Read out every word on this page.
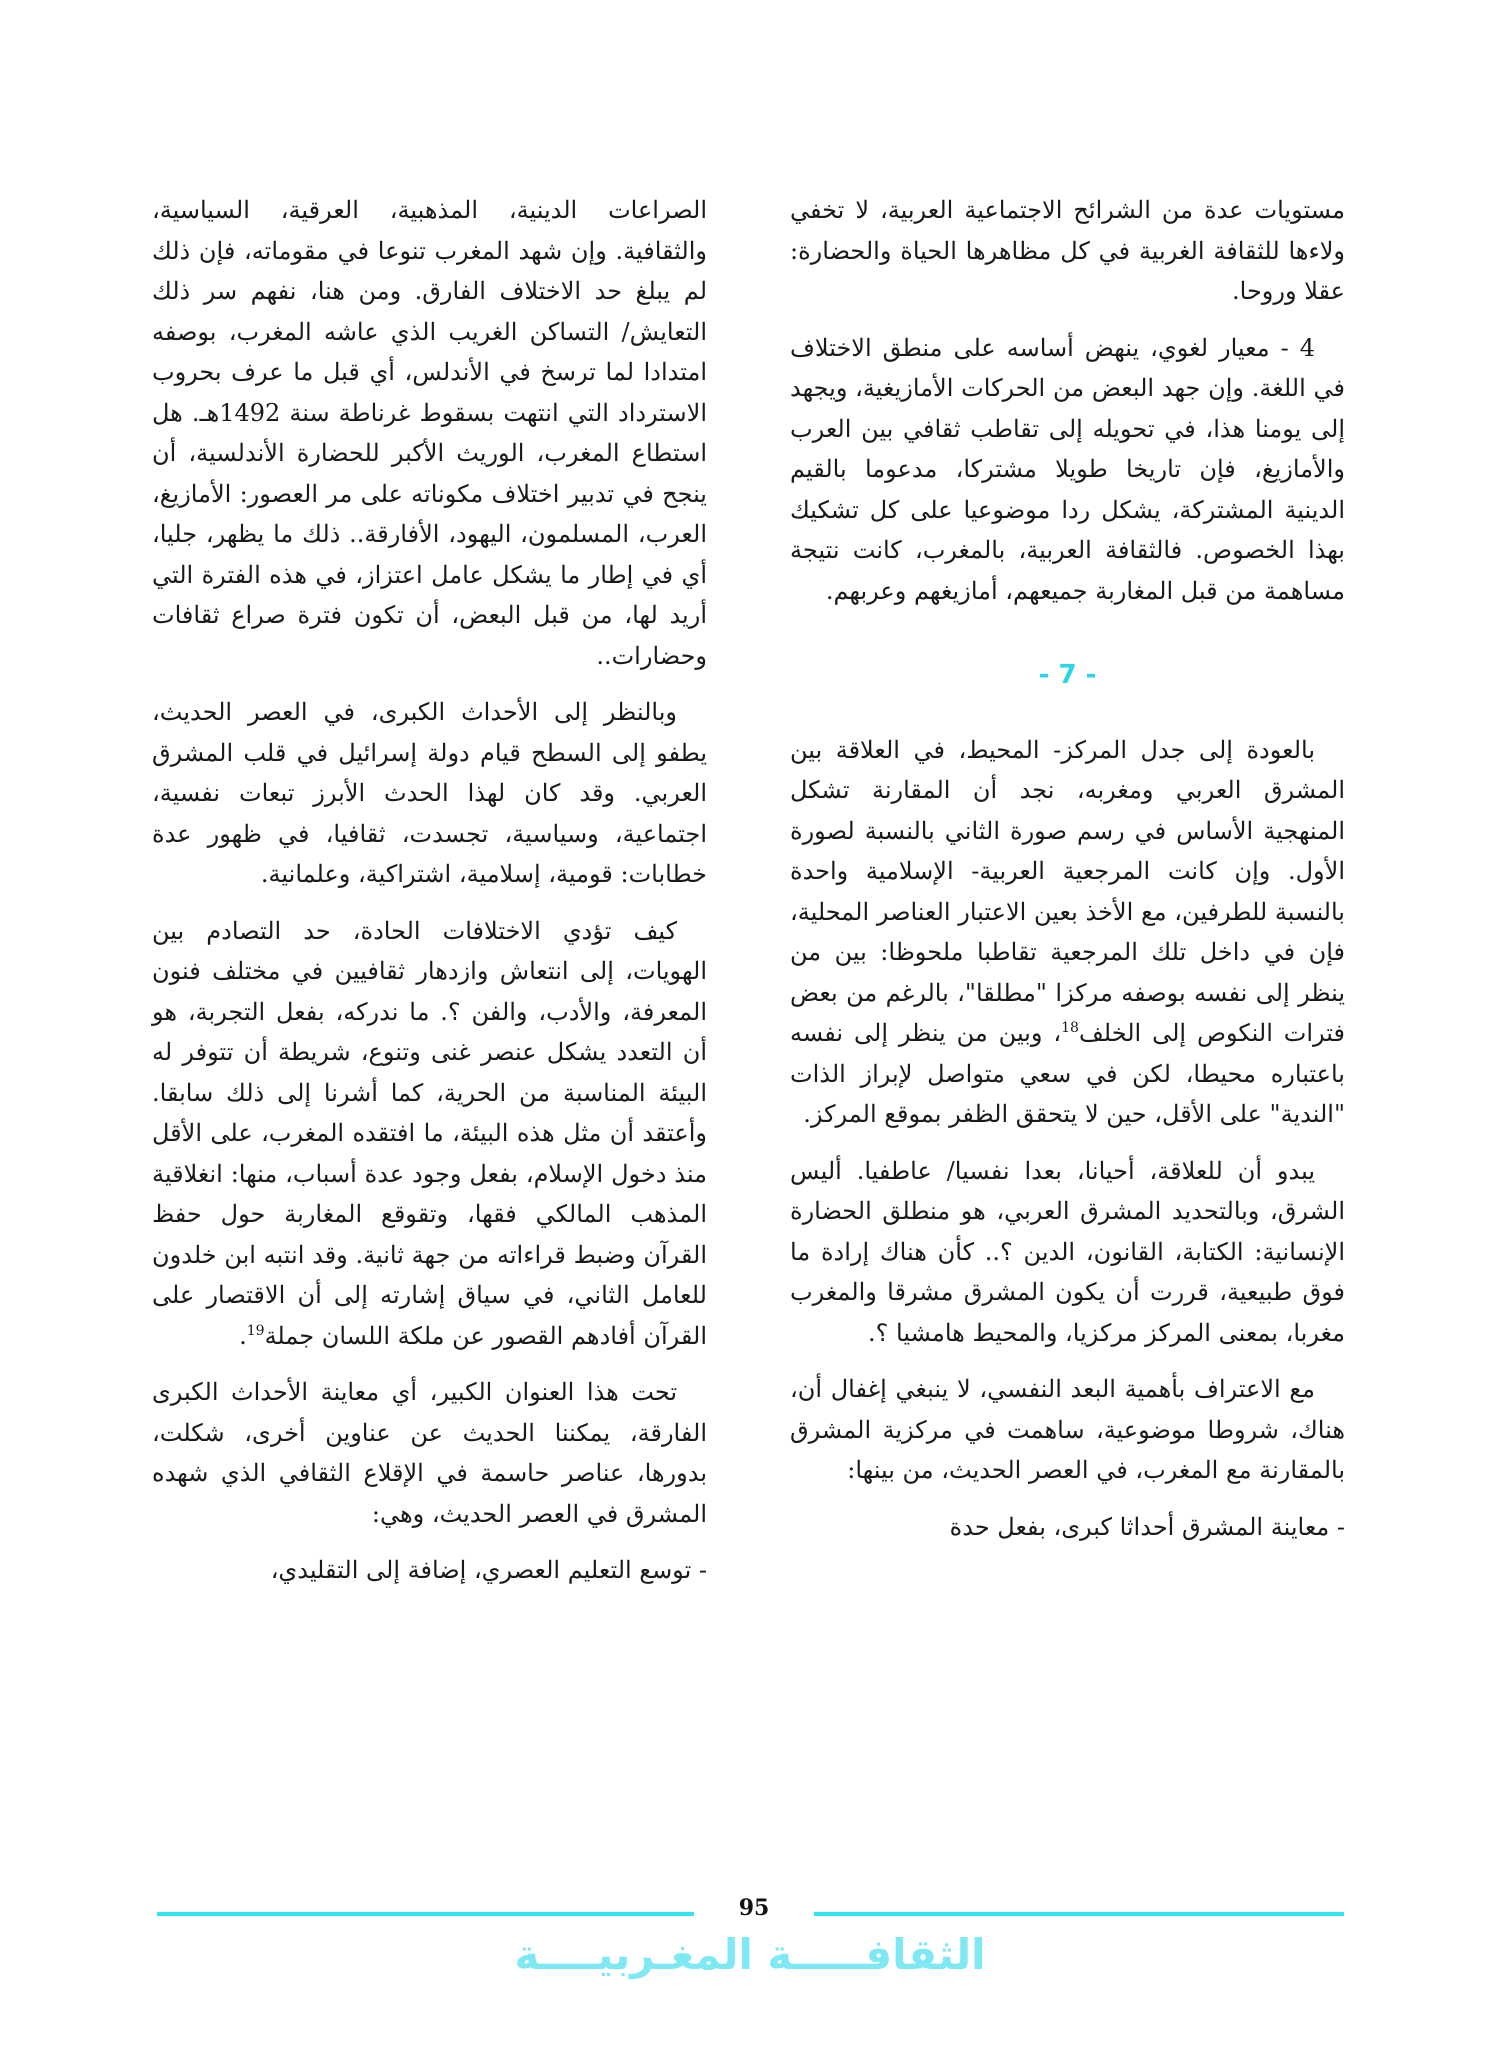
مستويات عدة من الشرائح الاجتماعية العربية، لا تخفي ولاءها للثقافة الغربية في كل مظاهرها الحياة والحضارة: عقلا وروحا.

4 - معيار لغوي، ينهض أساسه على منطق الاختلاف في اللغة. وإن جهد البعض من الحركات الأمازيغية، ويجهد إلى يومنا هذا، في تحويله إلى تقاطب ثقافي بين العرب والأمازيغ، فإن تاريخا طويلا مشتركا، مدعوما بالقيم الدينية المشتركة، يشكل ردا موضوعيا على كل تشكيك بهذا الخصوص. فالثقافة العربية، بالمغرب، كانت نتيجة مساهمة من قبل المغاربة جميعهم، أمازيغهم وعربهم.

- 7 -

بالعودة إلى جدل المركز- المحيط، في العلاقة بين المشرق العربي ومغربه، نجد أن المقارنة تشكل المنهجية الأساس في رسم صورة الثاني بالنسبة لصورة الأول. وإن كانت المرجعية العربية- الإسلامية واحدة بالنسبة للطرفين، مع الأخذ بعين الاعتبار العناصر المحلية، فإن في داخل تلك المرجعية تقاطبا ملحوظا: بين من ينظر إلى نفسه بوصفه مركزا "مطلقا"، بالرغم من بعض فترات النكوص إلى الخلف$^{18}$، وبين من ينظر إلى نفسه باعتباره محيطا، لكن في سعي متواصل لإبراز الذات "الندية" على الأقل، حين لا يتحقق الظفر بموقع المركز.

يبدو أن للعلاقة، أحيانا، بعدا نفسيا/ عاطفيا. أليس الشرق، وبالتحديد المشرق العربي، هو منطلق الحضارة الإنسانية: الكتابة، القانون، الدين ؟.. كأن هناك إرادة ما فوق طبيعية، قررت أن يكون المشرق مشرقا والمغرب مغربا، بمعنى المركز مركزيا، والمحيط هامشيا ؟.

مع الاعتراف بأهمية البعد النفسي، لا ينبغي إغفال أن، هناك، شروطا موضوعية، ساهمت في مركزية المشرق بالمقارنة مع المغرب، في العصر الحديث، من بينها:

- معاينة المشرق أحداثا كبرى، بفعل حدة

الصراعات الدينية، المذهبية، العرقية، السياسية، والثقافية. وإن شهد المغرب تنوعا في مقوماته، فإن ذلك لم يبلغ حد الاختلاف الفارق. ومن هنا، نفهم سر ذلك التعايش/ التساكن الغريب الذي عاشه المغرب، بوصفه امتدادا لما ترسخ في الأندلس، أي قبل ما عرف بحروب الاسترداد التي انتهت بسقوط غرناطة سنة 1492هـ. هل استطاع المغرب، الوريث الأكبر للحضارة الأندلسية، أن ينجح في تدبير اختلاف مكوناته على مر العصور: الأمازيغ، العرب، المسلمون، اليهود، الأفارقة.. ذلك ما يظهر، جليا، أي في إطار ما يشكل عامل اعتزاز، في هذه الفترة التي أريد لها، من قبل البعض، أن تكون فترة صراع ثقافات وحضارات..

وبالنظر إلى الأحداث الكبرى، في العصر الحديث، يطفو إلى السطح قيام دولة إسرائيل في قلب المشرق العربي. وقد كان لهذا الحدث الأبرز تبعات نفسية، اجتماعية، وسياسية، تجسدت، ثقافيا، في ظهور عدة خطابات: قومية، إسلامية، اشتراكية، وعلمانية.

كيف تؤدي الاختلافات الحادة، حد التصادم بين الهويات، إلى انتعاش وازدهار ثقافيين في مختلف فنون المعرفة، والأدب، والفن ؟. ما ندركه، بفعل التجربة، هو أن التعدد يشكل عنصر غنى وتنوع، شريطة أن تتوفر له البيئة المناسبة من الحرية، كما أشرنا إلى ذلك سابقا. وأعتقد أن مثل هذه البيئة، ما افتقده المغرب، على الأقل منذ دخول الإسلام، بفعل وجود عدة أسباب، منها: انغلاقية المذهب المالكي فقها، وتقوقع المغاربة حول حفظ القرآن وضبط قراءاته من جهة ثانية. وقد انتبه ابن خلدون للعامل الثاني، في سياق إشارته إلى أن الاقتصار على القرآن أفادهم القصور عن ملكة اللسان جملة$^{19}$.

تحت هذا العنوان الكبير، أي معاينة الأحداث الكبرى الفارقة، يمكننا الحديث عن عناوين أخرى، شكلت، بدورها، عناصر حاسمة في الإقلاع الثقافي الذي شهده المشرق في العصر الحديث، وهي:

- توسع التعليم العصري، إضافة إلى التقليدي،

95
الثقافـــــة المغـربيــــة
